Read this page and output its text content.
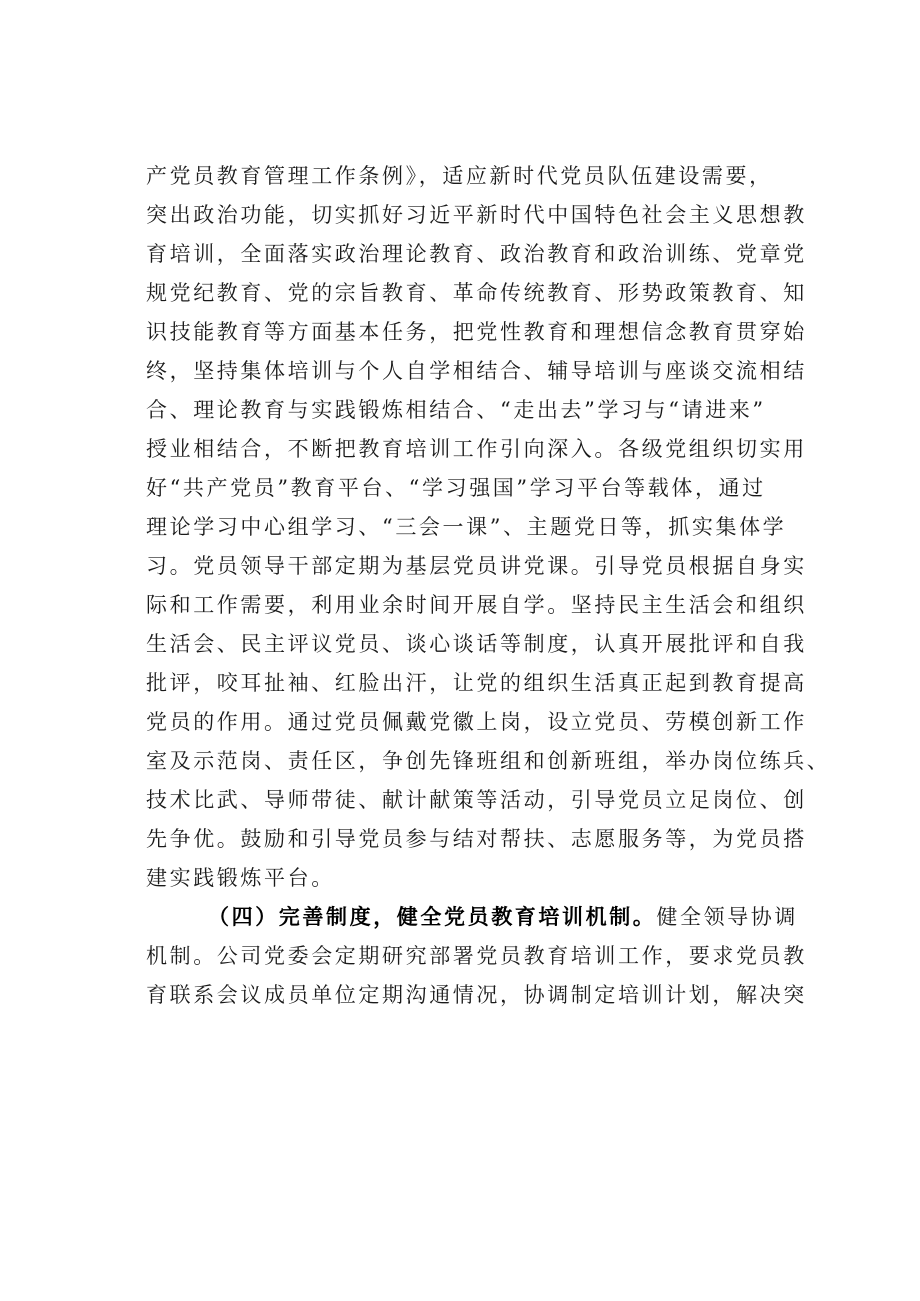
产党员教育管理工作条例》，适应新时代党员队伍建设需要，
突出政治功能，切实抓好习近平新时代中国特色社会主义思想教
育培训，全面落实政治理论教育、政治教育和政治训练、党章党
规党纪教育、党的宗旨教育、革命传统教育、形势政策教育、知
识技能教育等方面基本任务，把党性教育和理想信念教育贯穿始
终，坚持集体培训与个人自学相结合、辅导培训与座谈交流相结
合、理论教育与实践锻炼相结合、“走出去”学习与“请进来”
授业相结合，不断把教育培训工作引向深入。各级党组织切实用
好“共产党员”教育平台、“学习强国”学习平台等载体，通过
理论学习中心组学习、“三会一课”、主题党日等，抓实集体学
习。党员领导干部定期为基层党员讲党课。引导党员根据自身实
际和工作需要，利用业余时间开展自学。坚持民主生活会和组织
生活会、民主评议党员、谈心谈话等制度，认真开展批评和自我
批评，咬耳扯袖、红脸出汗，让党的组织生活真正起到教育提高
党员的作用。通过党员佩戴党徽上岗，设立党员、劳模创新工作
室及示范岗、责任区，争创先锋班组和创新班组，举办岗位练兵、
技术比武、导师带徒、献计献策等活动，引导党员立足岗位、创
先争优。鼓励和引导党员参与结对帮扶、志愿服务等，为党员搭
建实践锻炼平台。
（四）完善制度，健全党员教育培训机制。健全领导协调
机制。公司党委会定期研究部署党员教育培训工作，要求党员教
育联系会议成员单位定期沟通情况，协调制定培训计划，解决突
